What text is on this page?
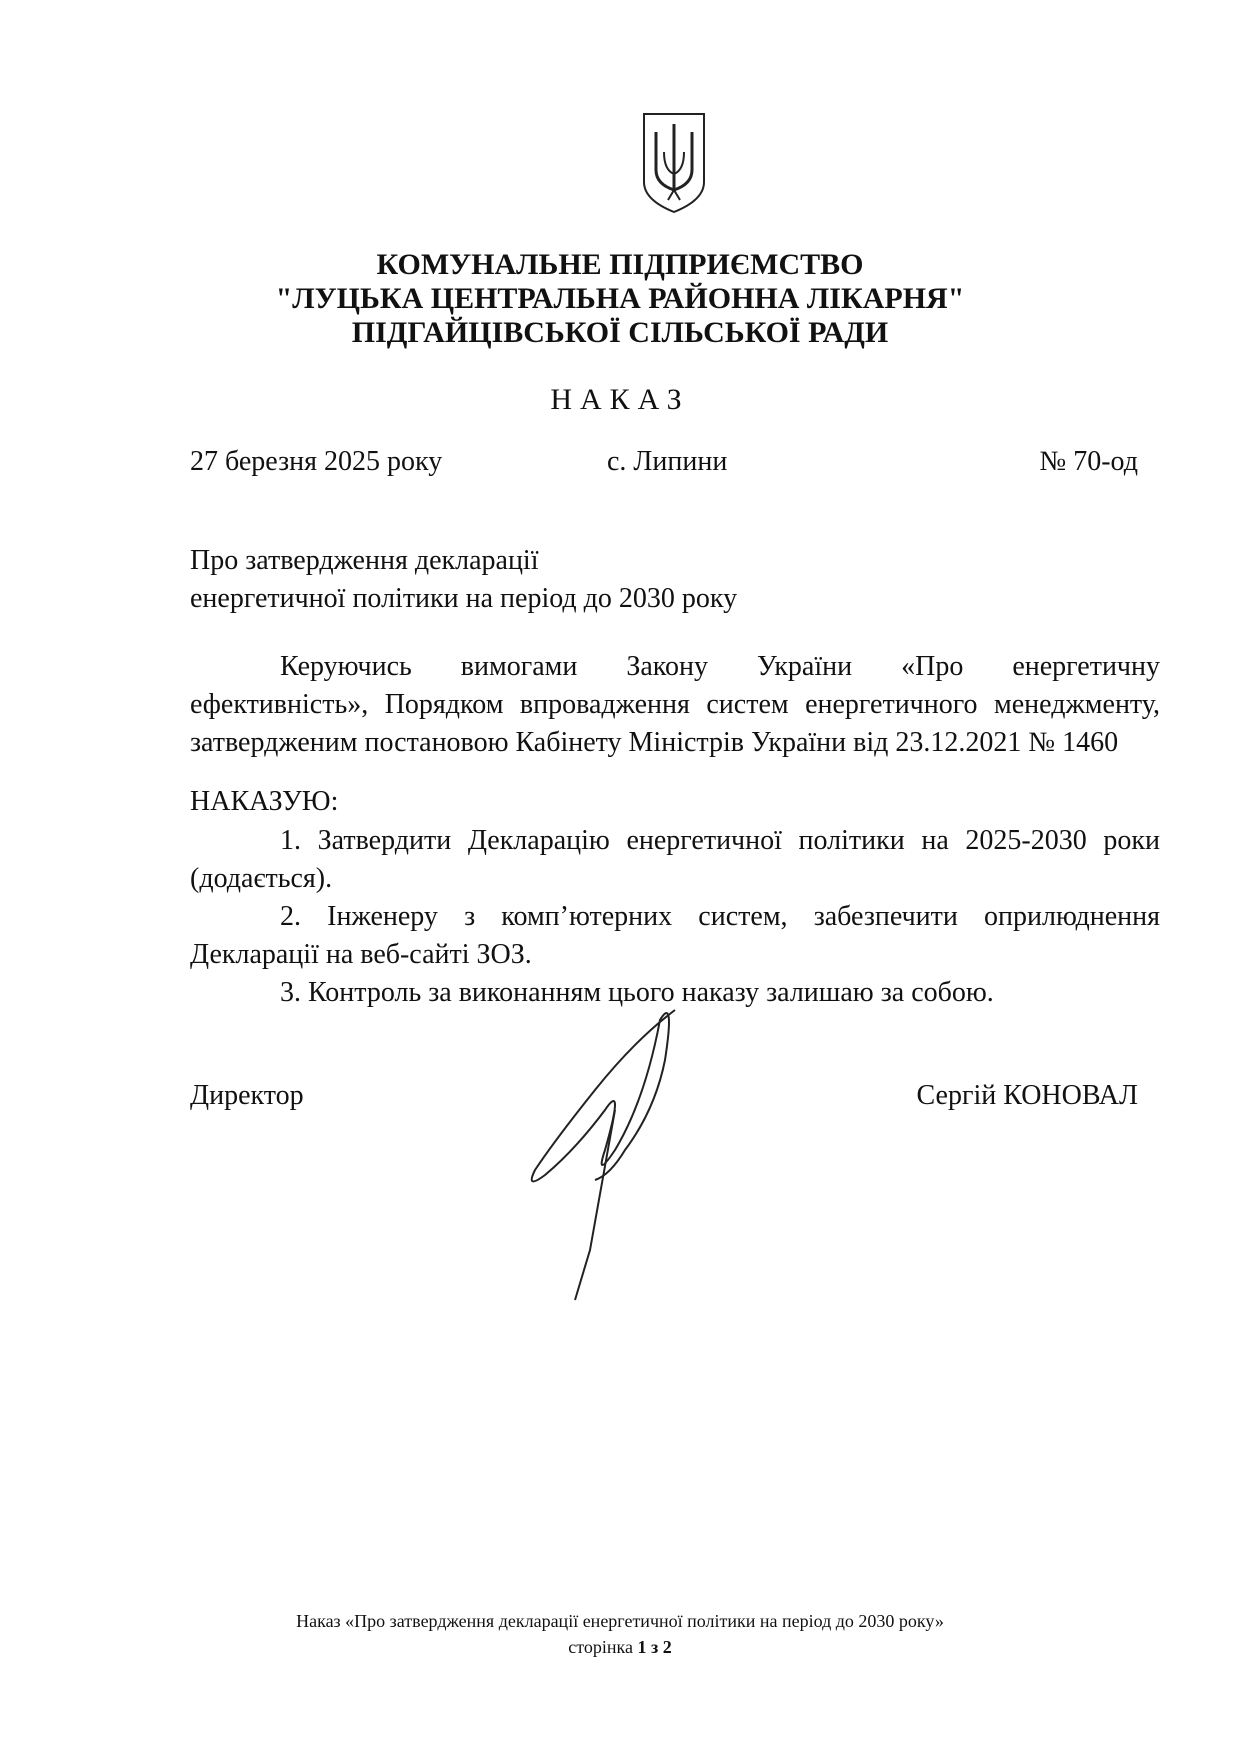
КОМУНАЛЬНЕ ПІДПРИЄМСТВО
"ЛУЦЬКА ЦЕНТРАЛЬНА РАЙОННА ЛІКАРНЯ"
ПІДГАЙЦІВСЬКОЇ СІЛЬСЬКОЇ РАДИ
НАКАЗ
27 березня 2025 року	с. Липини	№ 70-од
Про затвердження декларації
енергетичної політики на період до 2030 року
Керуючись вимогами Закону України «Про енергетичну
ефективність», Порядком впровадження систем енергетичного менеджменту,
затвердженим постановою Кабінету Міністрів України від 23.12.2021 № 1460
НАКАЗУЮ:
1. Затвердити Декларацію енергетичної політики на 2025-2030 роки
(додається).
2. Інженеру з комп’ютерних систем, забезпечити оприлюднення
Декларації на веб-сайті ЗОЗ.
3. Контроль за виконанням цього наказу залишаю за собою.
Директор	Сергій КОНОВАЛ
Наказ «Про затвердження декларації енергетичної політики на період до 2030 року»
сторінка 1 з 2
